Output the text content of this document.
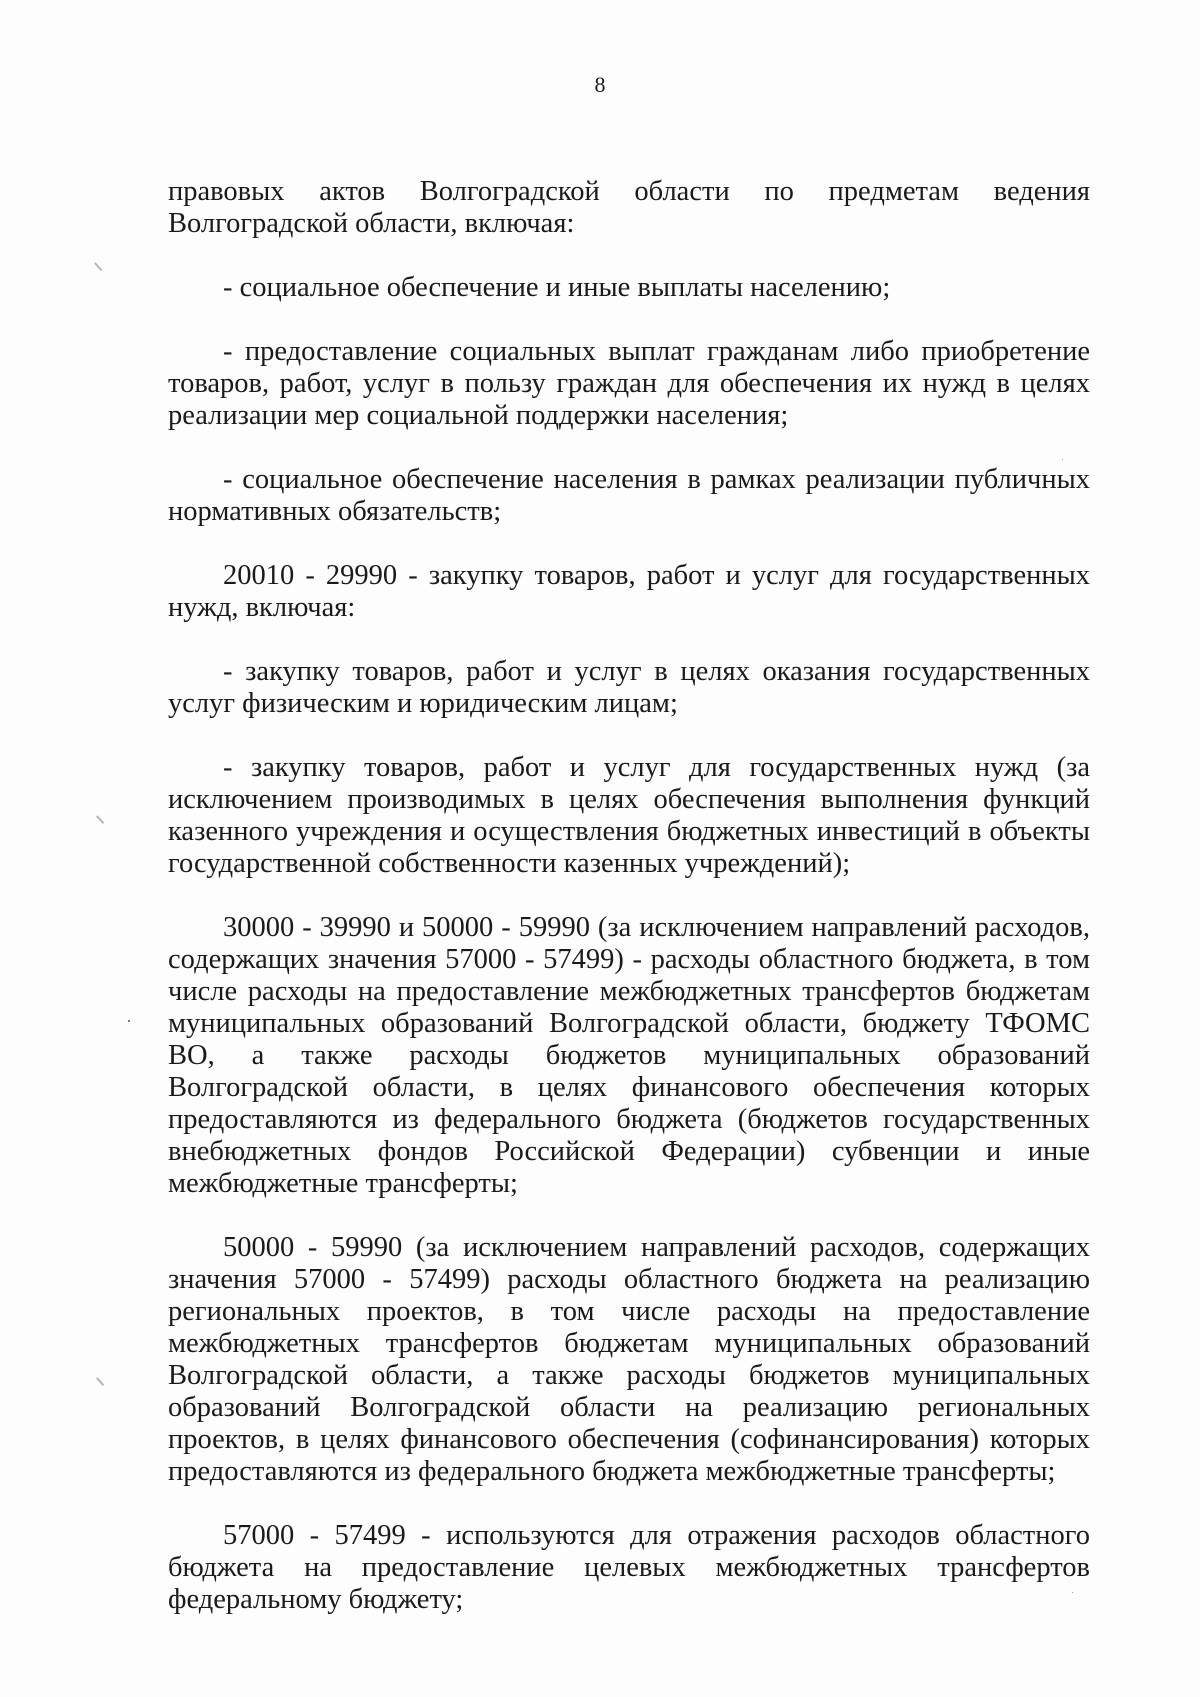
8

правовых актов Волгоградской области по предметам ведения Волгоградской области, включая:

- социальное обеспечение и иные выплаты населению;

- предоставление социальных выплат гражданам либо приобретение товаров, работ, услуг в пользу граждан для обеспечения их нужд в целях реализации мер социальной поддержки населения;

- социальное обеспечение населения в рамках реализации публичных нормативных обязательств;

20010 - 29990 - закупку товаров, работ и услуг для государственных нужд, включая:

- закупку товаров, работ и услуг в целях оказания государственных услуг физическим и юридическим лицам;

- закупку товаров, работ и услуг для государственных нужд (за исключением производимых в целях обеспечения выполнения функций казенного учреждения и осуществления бюджетных инвестиций в объекты государственной собственности казенных учреждений);

30000 - 39990 и 50000 - 59990 (за исключением направлений расходов, содержащих значения 57000 - 57499) - расходы областного бюджета, в том числе расходы на предоставление межбюджетных трансфертов бюджетам муниципальных образований Волгоградской области, бюджету ТФОМС ВО, а также расходы бюджетов муниципальных образований Волгоградской области, в целях финансового обеспечения которых предоставляются из федерального бюджета (бюджетов государственных внебюджетных фондов Российской Федерации) субвенции и иные межбюджетные трансферты;

50000 - 59990 (за исключением направлений расходов, содержащих значения 57000 - 57499) расходы областного бюджета на реализацию региональных проектов, в том числе расходы на предоставление межбюджетных трансфертов бюджетам муниципальных образований Волгоградской области, а также расходы бюджетов муниципальных образований Волгоградской области на реализацию региональных проектов, в целях финансового обеспечения (софинансирования) которых предоставляются из федерального бюджета межбюджетные трансферты;

57000 - 57499 - используются для отражения расходов областного бюджета на предоставление целевых межбюджетных трансфертов федеральному бюджету;
